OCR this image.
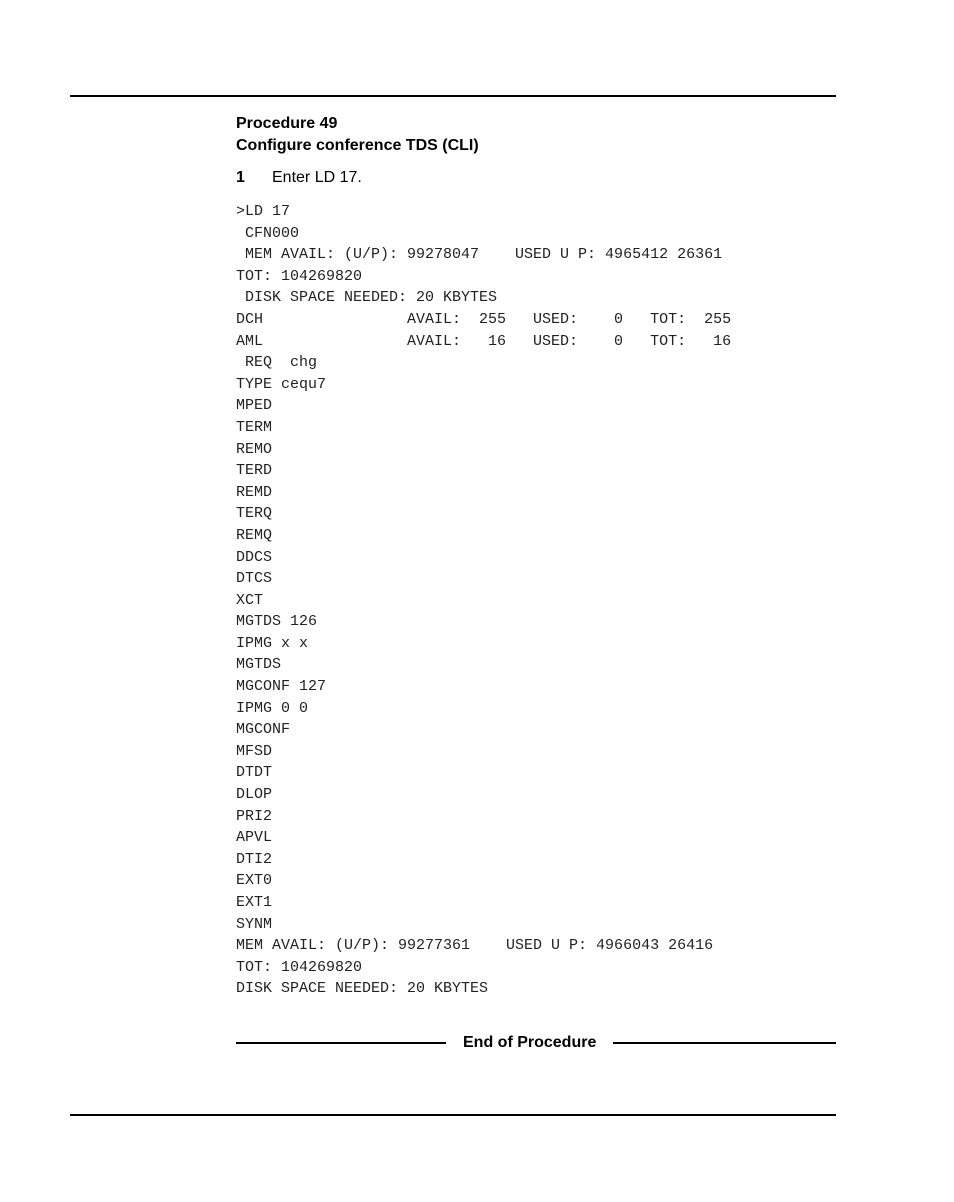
Procedure 49
Configure conference TDS (CLI)
1 Enter LD 17.
>LD 17
CFN000
MEM AVAIL: (U/P): 99278047    USED U P: 4965412 26361
TOT: 104269820
DISK SPACE NEEDED: 20 KBYTES
DCH                AVAIL:  255   USED:    0   TOT:  255
AML                AVAIL:   16   USED:    0   TOT:   16
REQ  chg
TYPE cequ7
MPED
TERM
REMO
TERD
REMD
TERQ
REMQ
DDCS
DTCS
XCT
MGTDS 126
IPMG x x
MGTDS
MGCONF 127
IPMG 0 0
MGCONF
MFSD
DTDT
DLOP
PRI2
APVL
DTI2
EXT0
EXT1
SYNM
MEM AVAIL: (U/P): 99277361    USED U P: 4966043 26416
TOT: 104269820
DISK SPACE NEEDED: 20 KBYTES
End of Procedure
